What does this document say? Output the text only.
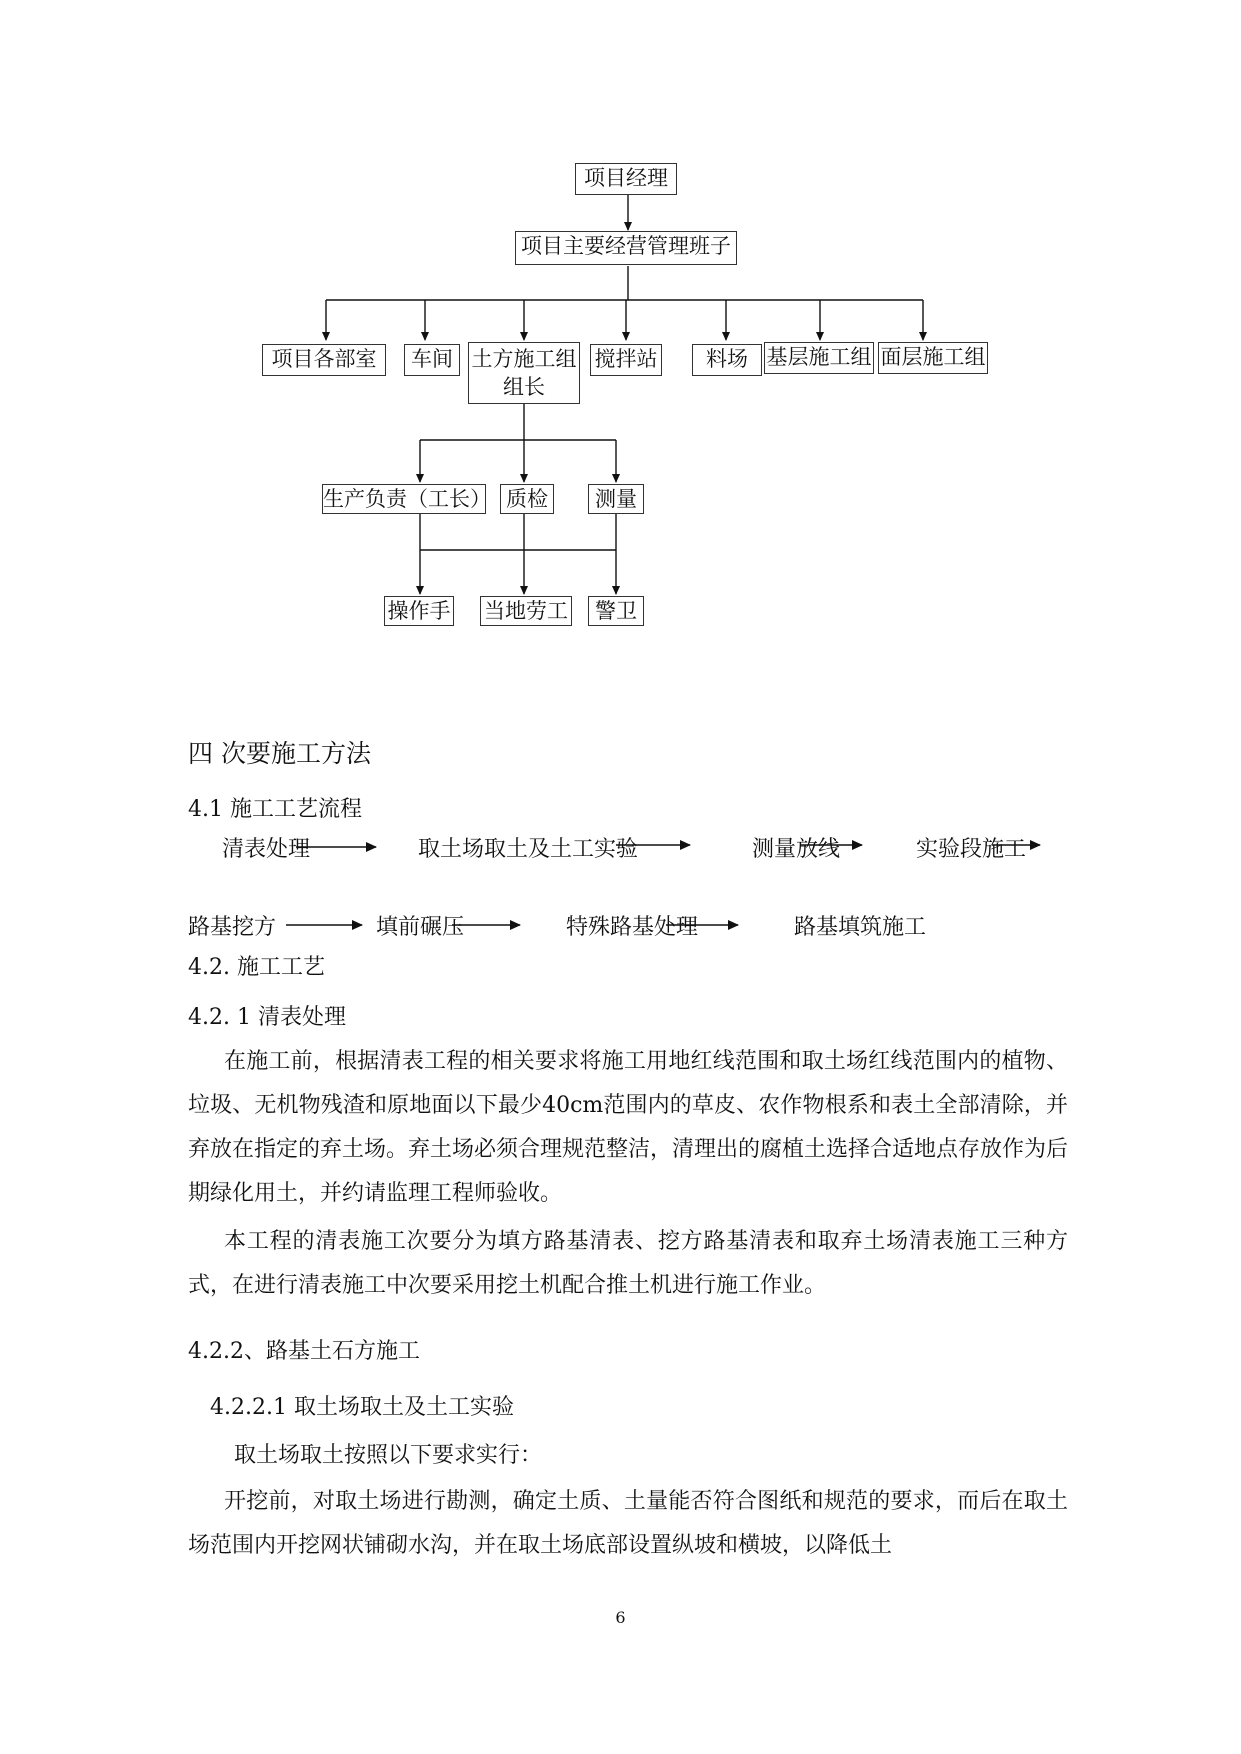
项目经理
项目主要经营管理班子
项目各部室	车间 土方施工组
组长
搅拌站	料场 基层施工组 面层施工组
生产负责（工长） 质检	测量
操作手 当地劳工	警卫
四 次要施工方法
4.1 施工工艺流程
清表处理	取土场取土及土工实验	测量放线	实验段施工
路基挖方	填前碾压	特殊路基处理	路基填筑施工
4.2. 施工工艺
4.2. 1 清表处理
在施工前，根据清表工程的相关要求将施工用地红线范围和取土场红线范围内的植物、垃圾、无机物残渣和原地面以下最少40cm范围内的草皮、农作物根系和表土全部清除，并弃放在指定的弃土场。弃土场必须合理规范整洁，清理出的腐植土选择合适地点存放作为后期绿化用土，并约请监理工程师验收。
本工程的清表施工次要分为填方路基清表、挖方路基清表和取弃土场清表施工三种方式，在进行清表施工中次要采用挖土机配合推土机进行施工作业。
4.2.2、路基土石方施工
4.2.2.1 取土场取土及土工实验
取土场取土按照以下要求实行：
开挖前，对取土场进行勘测，确定土质、土量能否符合图纸和规范的要求，而后在取土场范围内开挖网状铺砌水沟，并在取土场底部设置纵坡和横坡，以降低土
6
